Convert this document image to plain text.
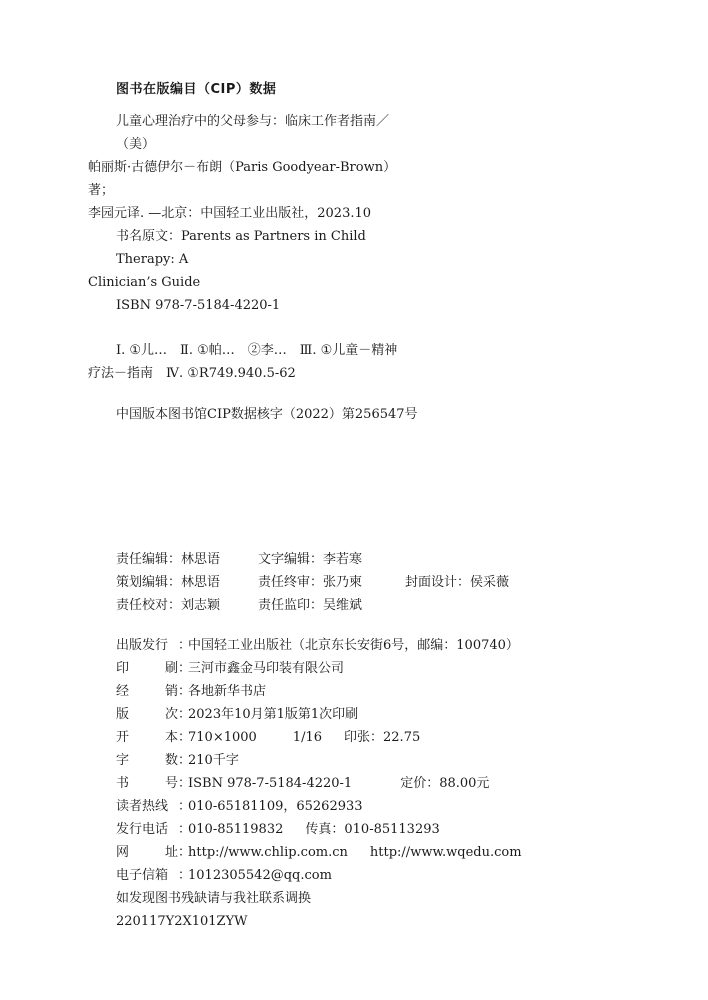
图书在版编目（CIP）数据

儿童心理治疗中的父母参与：临床工作者指南／（美）

帕丽斯·古德伊尔－布朗（Paris Goodyear-Brown）著；

李园元译. —北京：中国轻工业出版社，2023.10

书名原文：Parents as Partners in Child Therapy: A

Clinician’s Guide

ISBN 978-7-5184-4220-1

Ⅰ. ①儿…　Ⅱ. ①帕…　②李…　Ⅲ. ①儿童－精神

疗法－指南　Ⅳ. ①R749.940.5-62

中国版本图书馆CIP数据核字（2022）第256547号

责任编辑：林思语	文字编辑：李若寒
策划编辑：林思语	责任终审：张乃柬	封面设计：侯采薇
责任校对：刘志颖	责任监印：吴维斌
出版发行 ：
中国轻工业出版社（北京东长安街6号，邮编：100740）
印	刷 ：
三河市鑫金马印装有限公司
经	销 ：
各地新华书店
版	次 ：
2023年10月第1版第1次印刷
开	本 ：
710×1000	1/16 印张： 22.75
字	数 ：
210千字
书	号 ：
ISBN 978-7-5184-4220-1	定价： 88.00元
读者热线 ：
010-65181109，65262933
发行电话 ：
010-85119832 传真： 010-85113293
网	址 ：
http://www.chlip.com.cn http://www.wqedu.com
电子信箱 ：
1012305542@qq.com
如发现图书残缺请与我社联系调换
220117Y2X101ZYW
